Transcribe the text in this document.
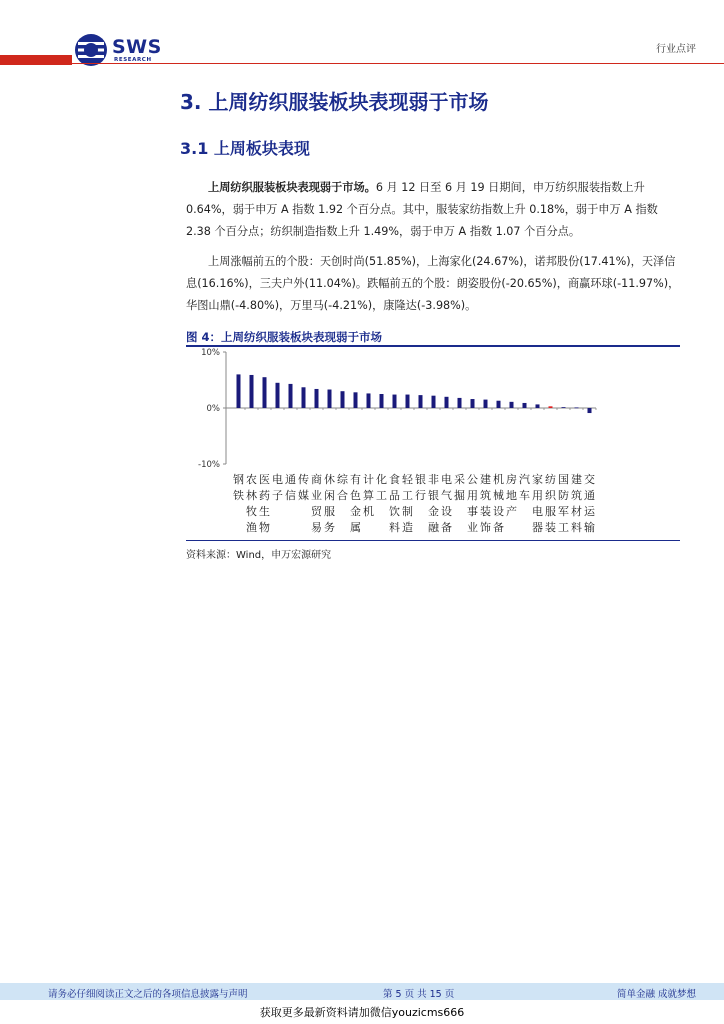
SWS
RESEARCH
行业点评
3. 上周纺织服装板块表现弱于市场
3.1 上周板块表现
上周纺织服装板块表现弱于市场。6 月 12 日至 6 月 19 日期间，申万纺织服装指数上升 0.64%，弱于申万 A 指数 1.92 个百分点。其中，服装家纺指数上升 0.18%，弱于申万 A 指数 2.38 个百分点；纺织制造指数上升 1.49%，弱于申万 A 指数 1.07 个百分点。
上周涨幅前五的个股：天创时尚(51.85%)，上海家化(24.67%)，诺邦股份(17.41%)，天泽信息(16.16%)，三夫户外(11.04%)。跌幅前五的个股：朗姿股份(-20.65%)，商赢环球(-11.97%)，华图山鼎(-4.80%)，万里马(-4.21%)，康隆达(-3.98%)。
图 4：上周纺织服装板块表现弱于市场
10%
0%
-10%
钢铁
农林牧渔
医药生物
电子
通信
传媒
商业贸易
休闲服务
综合
有色金属
计算机
化工
食品饮料
轻工制造
银行
非银金融
电气设备
采掘
公用事业
建筑装饰
机械设备
房地产
汽车
家用电器
纺织服装
国防军工
建筑材料
交通运输
资料来源：Wind，申万宏源研究
请务必仔细阅读正文之后的各项信息披露与声明	第 5 页 共 15 页	简单金融 成就梦想
获取更多最新资料请加微信youzicms666
